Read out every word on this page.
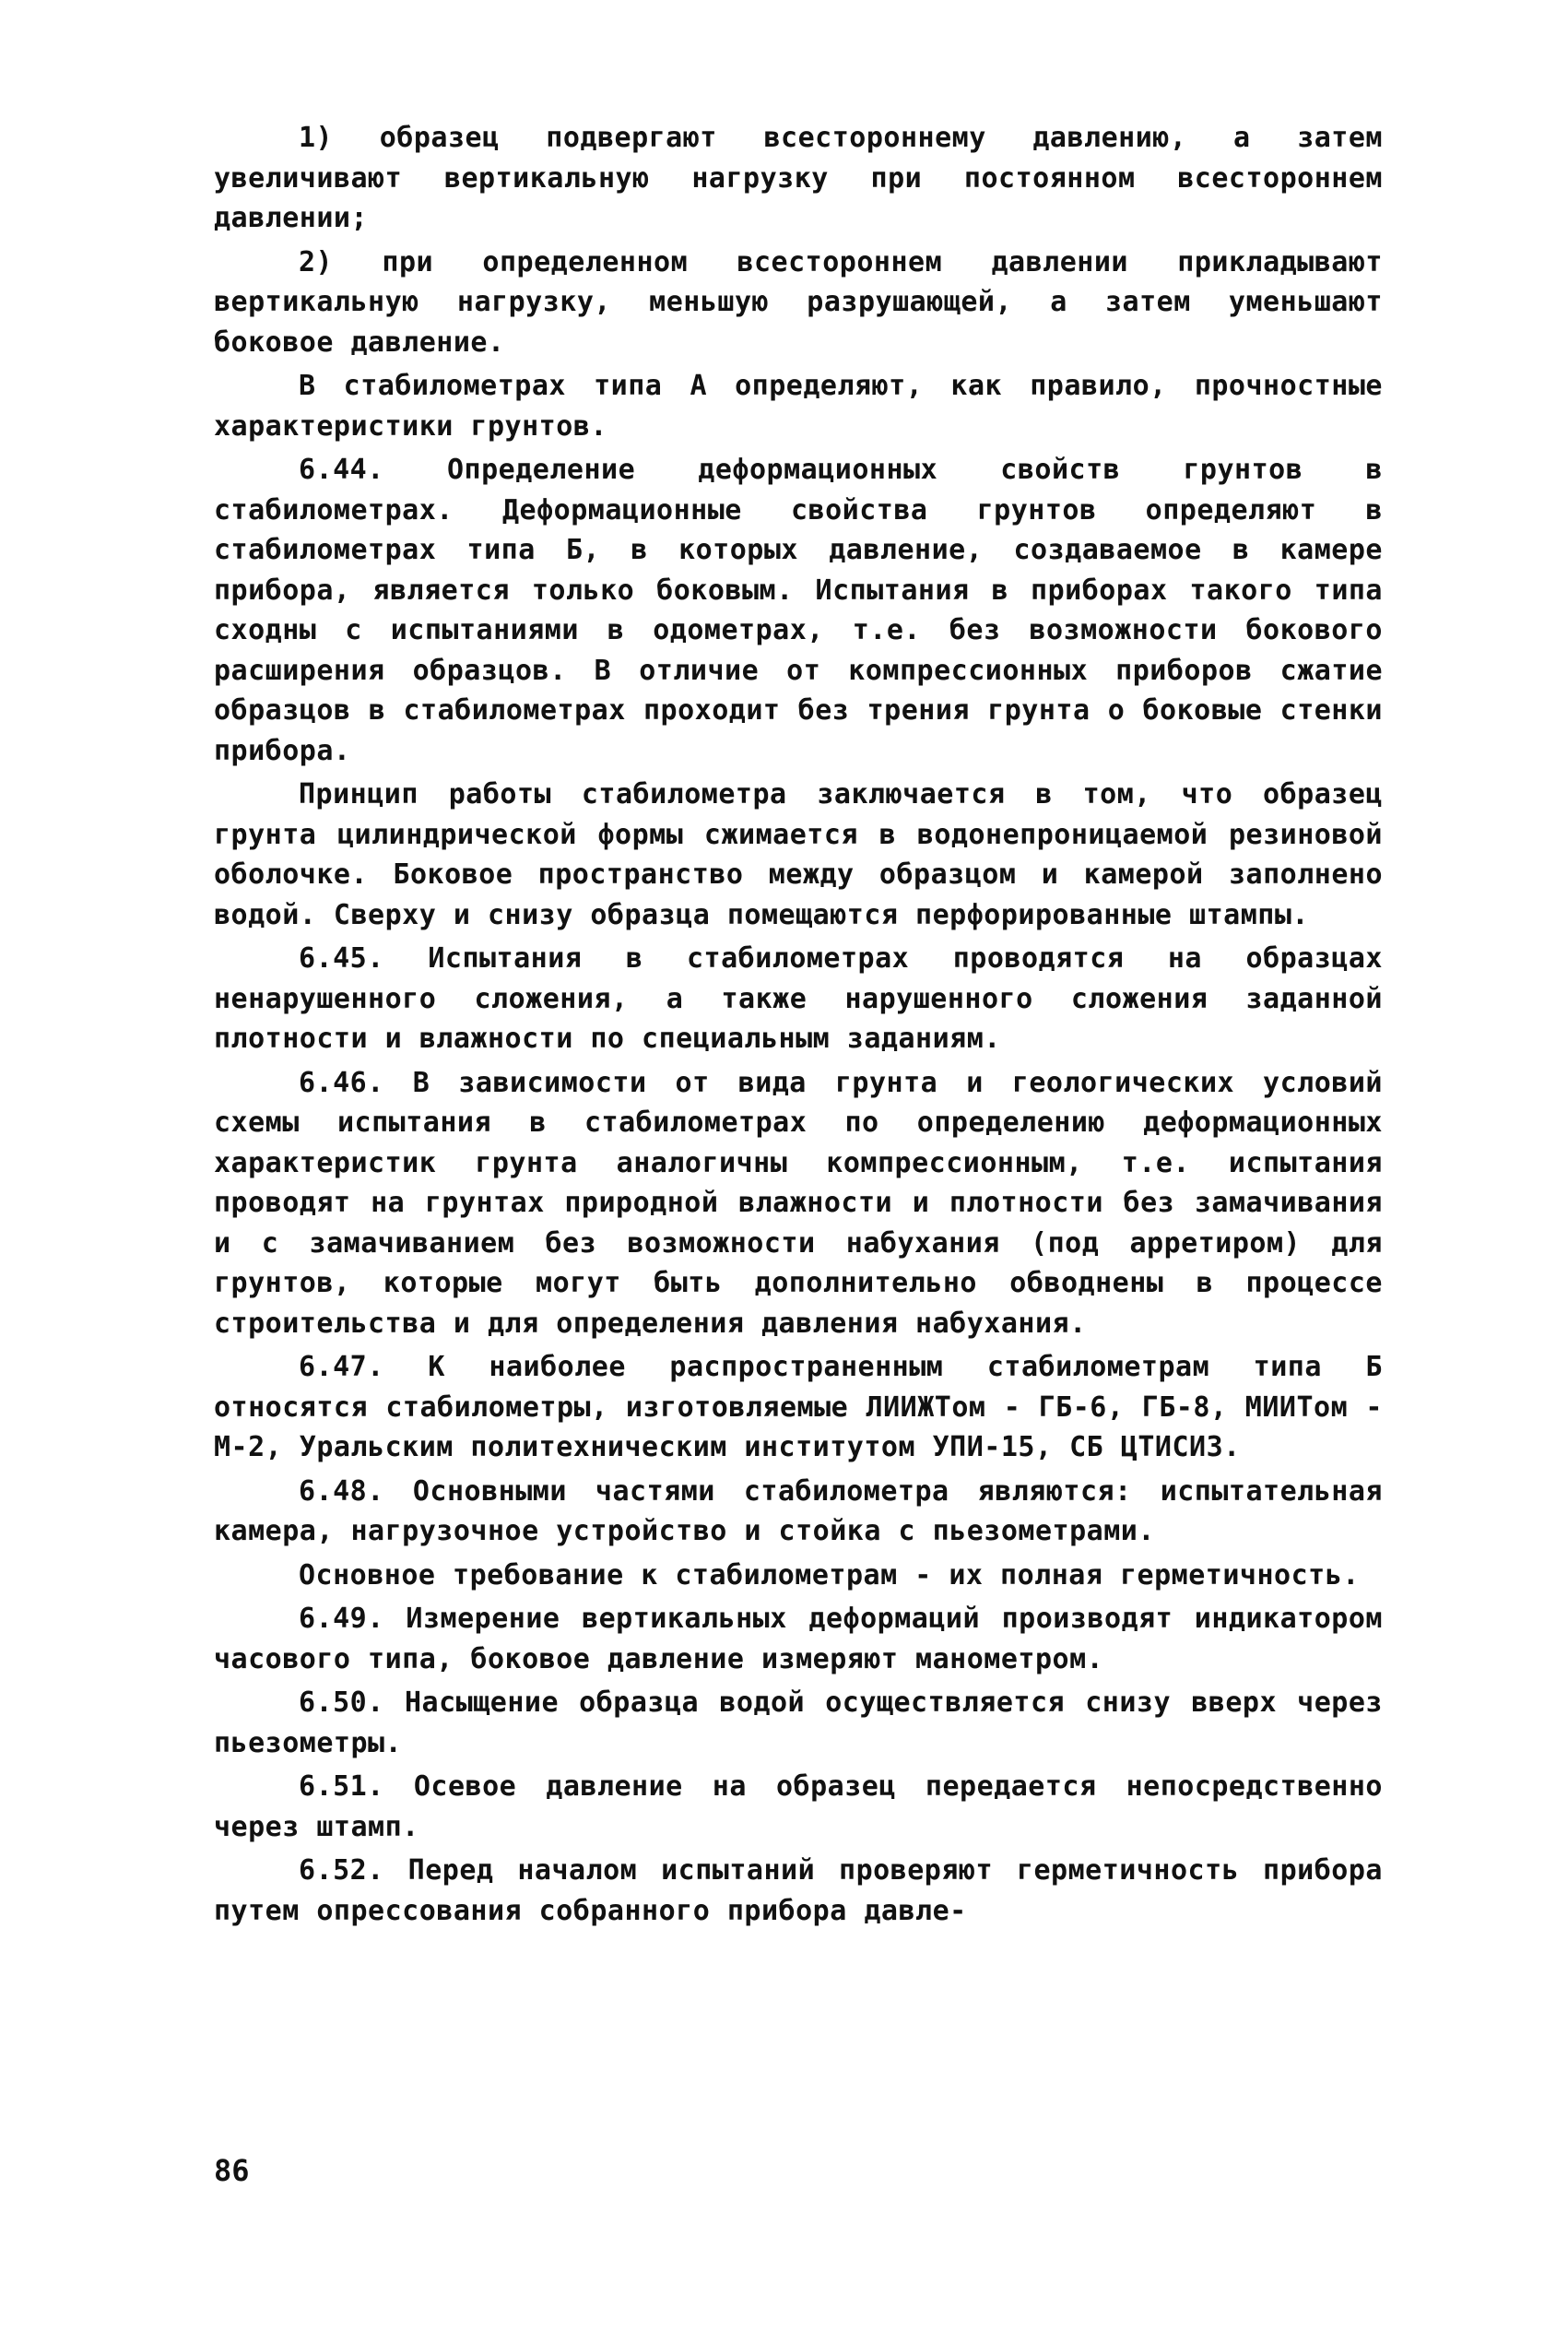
1) образец подвергают всестороннему давлению, а затем увеличивают вертикальную нагрузку при постоянном всестороннем давлении;

2) при определенном всестороннем давлении прикладывают вертикальную нагрузку, меньшую разрушающей, а затем уменьшают боковое давление.

В стабилометрах типа А определяют, как правило, прочностные характеристики грунтов.

6.44. Определение деформационных свойств грунтов в стабилометрах. Деформационные свойства грунтов определяют в стабилометрах типа Б, в которых давление, создаваемое в камере прибора, является только боковым. Испытания в приборах такого типа сходны с испытаниями в одометрах, т.е. без возможности бокового расширения образцов. В отличие от компрессионных приборов сжатие образцов в стабилометрах проходит без трения грунта о боковые стенки прибора.

Принцип работы стабилометра заключается в том, что образец грунта цилиндрической формы сжимается в водонепроницаемой резиновой оболочке. Боковое пространство между образцом и камерой заполнено водой. Сверху и снизу образца помещаются перфорированные штампы.

6.45. Испытания в стабилометрах проводятся на образцах ненарушенного сложения, а также нарушенного сложения заданной плотности и влажности по специальным заданиям.

6.46. В зависимости от вида грунта и геологических условий схемы испытания в стабилометрах по определению деформационных характеристик грунта аналогичны компрессионным, т.е. испытания проводят на грунтах природной влажности и плотности без замачивания и с замачиванием без возможности набухания (под арретиром) для грунтов, которые могут быть дополнительно обводнены в процессе строительства и для определения давления набухания.

6.47. К наиболее распространенным стабилометрам типа Б относятся стабилометры, изготовляемые ЛИИЖТом - ГБ-6, ГБ-8, МИИТом - М-2, Уральским политехническим институтом УПИ-15, СБ ЦТИСИЗ.

6.48. Основными частями стабилометра являются: испытательная камера, нагрузочное устройство и стойка с пьезометрами.

Основное требование к стабилометрам - их полная герметичность.

6.49. Измерение вертикальных деформаций производят индикатором часового типа, боковое давление измеряют манометром.

6.50. Насыщение образца водой осуществляется снизу вверх через пьезометры.

6.51. Осевое давление на образец передается непосредственно через штамп.

6.52. Перед началом испытаний проверяют герметичность прибора путем опрессования собранного прибора давле-

86
